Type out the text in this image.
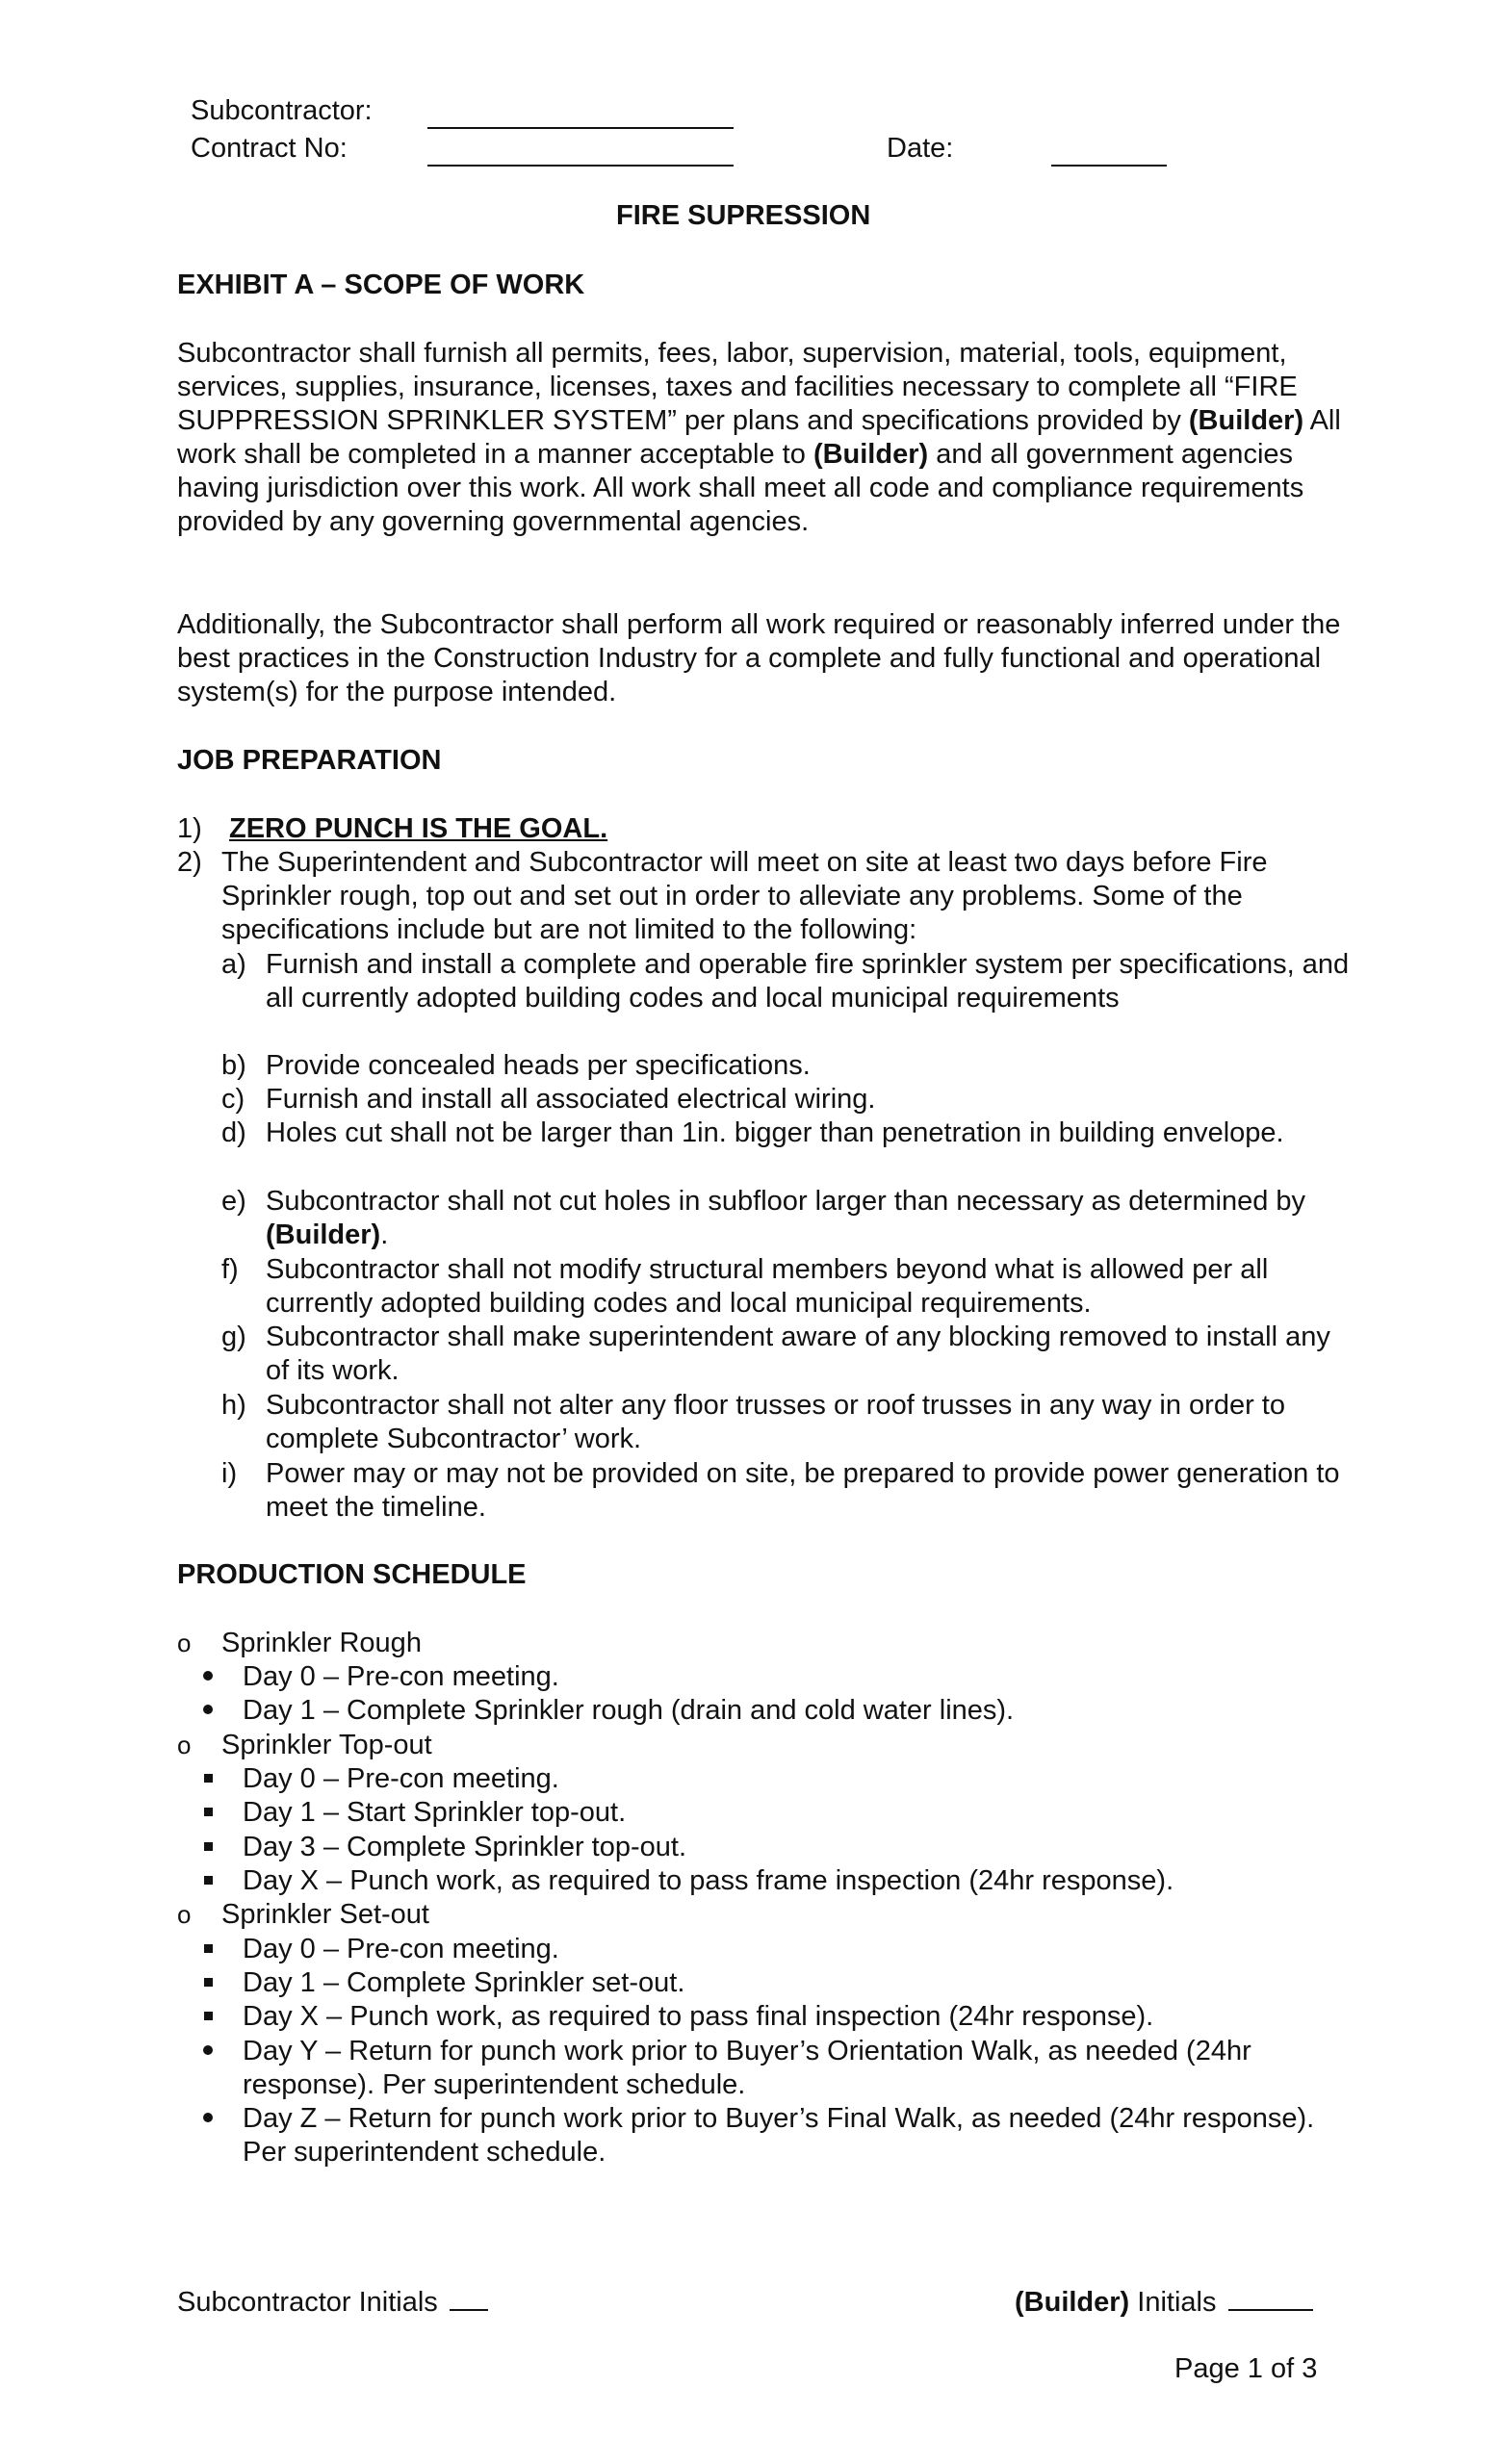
Subcontractor:
Contract No:	Date:
FIRE SUPRESSION
EXHIBIT A – SCOPE OF WORK

Subcontractor shall furnish all permits, fees, labor, supervision, material, tools, equipment, services, supplies, insurance, licenses, taxes and facilities necessary to complete all “FIRE SUPPRESSION SPRINKLER SYSTEM” per plans and specifications provided by (Builder) All work shall be completed in a manner acceptable to (Builder) and all government agencies having jurisdiction over this work. All work shall meet all code and compliance requirements provided by any governing governmental agencies.

Additionally, the Subcontractor shall perform all work required or reasonably inferred under the best practices in the Construction Industry for a complete and fully functional and operational system(s) for the purpose intended.

JOB PREPARATION
1) ZERO PUNCH IS THE GOAL.
2) The Superintendent and Subcontractor will meet on site at least two days before Fire Sprinkler rough, top out and set out in order to alleviate any problems. Some of the specifications include but are not limited to the following:
a) Furnish and install a complete and operable fire sprinkler system per specifications, and all currently adopted building codes and local municipal requirements
b) Provide concealed heads per specifications.
c) Furnish and install all associated electrical wiring.
d) Holes cut shall not be larger than 1in. bigger than penetration in building envelope.
e) Subcontractor shall not cut holes in subfloor larger than necessary as determined by (Builder).
f) Subcontractor shall not modify structural members beyond what is allowed per all currently adopted building codes and local municipal requirements.
g) Subcontractor shall make superintendent aware of any blocking removed to install any of its work.
h) Subcontractor shall not alter any floor trusses or roof trusses in any way in order to complete Subcontractor’ work.
i) Power may or may not be provided on site, be prepared to provide power generation to meet the timeline.
PRODUCTION SCHEDULE
o Sprinkler Rough
Day 0 – Pre-con meeting.
Day 1 – Complete Sprinkler rough (drain and cold water lines).
o Sprinkler Top-out
Day 0 – Pre-con meeting.
Day 1 – Start Sprinkler top-out.
Day 3 – Complete Sprinkler top-out.
Day X – Punch work, as required to pass frame inspection (24hr response).
o Sprinkler Set-out
Day 0 – Pre-con meeting.
Day 1 – Complete Sprinkler set-out.
Day X – Punch work, as required to pass final inspection (24hr response).
Day Y – Return for punch work prior to Buyer’s Orientation Walk, as needed (24hr response). Per superintendent schedule.
Day Z – Return for punch work prior to Buyer’s Final Walk, as needed (24hr response). Per superintendent schedule.
Subcontractor Initials	(Builder) Initials
Page 1 of 3
